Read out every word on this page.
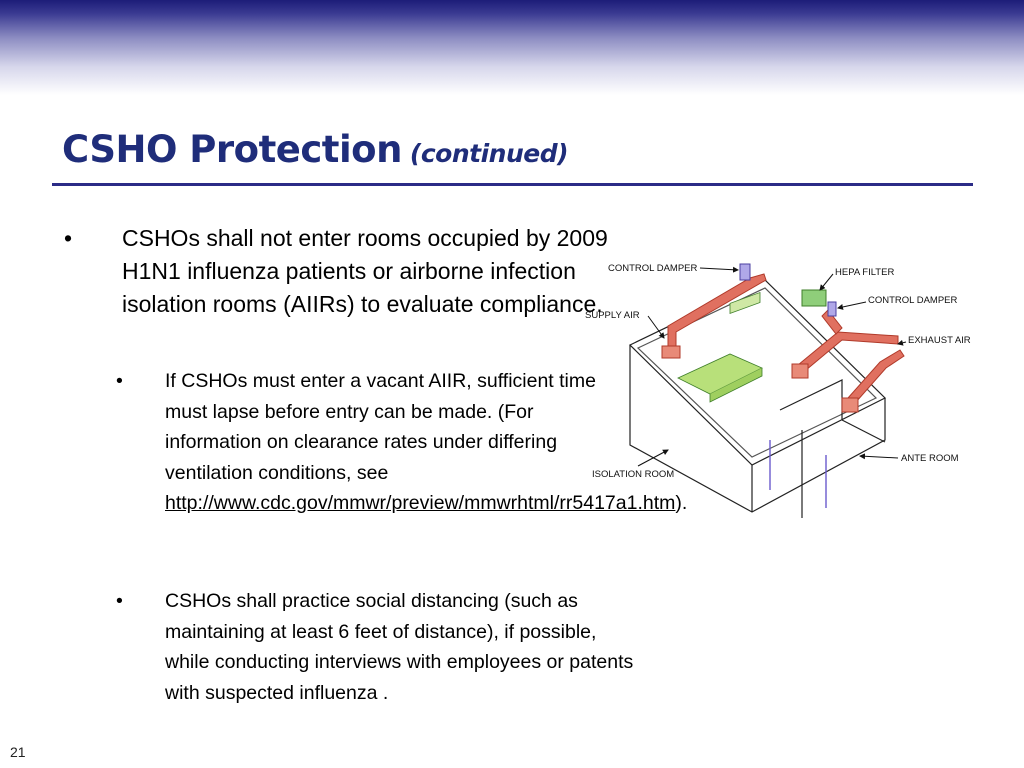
CSHO Protection (continued)
• CSHOs shall not enter rooms occupied by 2009 H1N1 influenza patients or airborne infection isolation rooms (AIIRs) to evaluate compliance.
• If CSHOs must enter a vacant AIIR, sufficient time must lapse before entry can be made. (For information on clearance rates under differing ventilation conditions, see http://www.cdc.gov/mmwr/preview/mmwrhtml/rr5417a1.htm).
• CSHOs shall practice social distancing (such as maintaining at least 6 feet of distance), if possible, while conducting interviews with employees or patents with suspected influenza .
CONTROL DAMPER	HEPA FILTER
CONTROL DAMPER
SUPPLY AIR
EXHAUST AIR
ANTE ROOM
ISOLATION ROOM
21
